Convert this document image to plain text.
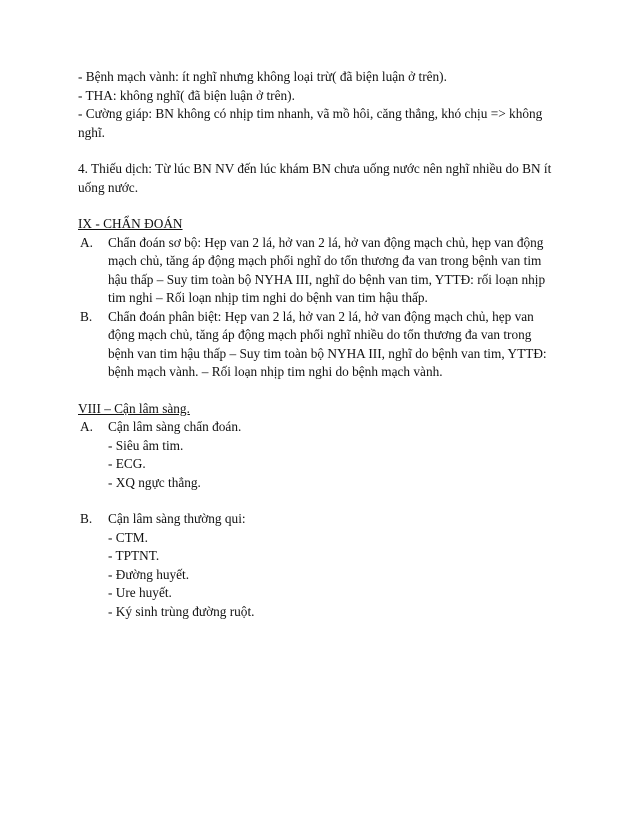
- Bệnh mạch vành: ít nghĩ nhưng không loại trừ( đã biện luận ở trên).

- THA: không nghĩ( đã biện luận ở trên).

- Cường giáp: BN không có nhịp tim nhanh, vã mồ hôi, căng thẳng, khó chịu => không

nghĩ.

4. Thiếu dịch: Từ lúc BN NV đến lúc khám BN chưa uống nước nên nghĩ nhiều do BN ít

uống nước.

IX - CHẨN ĐOÁN

A.	Chẩn đoán sơ bộ: Hẹp van 2 lá, hở van 2 lá, hở van động mạch chủ, hẹp van động
mạch chủ, tăng áp động mạch phổi nghĩ do tổn thương đa van trong bệnh van tim
hậu thấp – Suy tim toàn bộ NYHA III, nghĩ do bệnh van tim, YTTĐ: rối loạn nhịp
tim nghi – Rối loạn nhịp tim nghi do bệnh van tim hậu thấp.
B.	Chẩn đoán phân biệt: Hẹp van 2 lá, hở van 2 lá, hở van động mạch chủ, hẹp van
động mạch chủ, tăng áp động mạch phổi nghĩ nhiều do tổn thương đa van trong
bệnh van tim hậu thấp – Suy tim toàn bộ NYHA III, nghĩ do bệnh van tim, YTTĐ:
bệnh mạch vành. – Rối loạn nhịp tim nghi do bệnh mạch vành.

VIII – Cận lâm sàng.

A.	Cận lâm sàng chẩn đoán.
- Siêu âm tim.
- ECG.
- XQ ngực thẳng.
B.	Cận lâm sàng thường qui:
- CTM.
- TPTNT.
- Đường huyết.
- Ure huyết.
- Ký sinh trùng đường ruột.
